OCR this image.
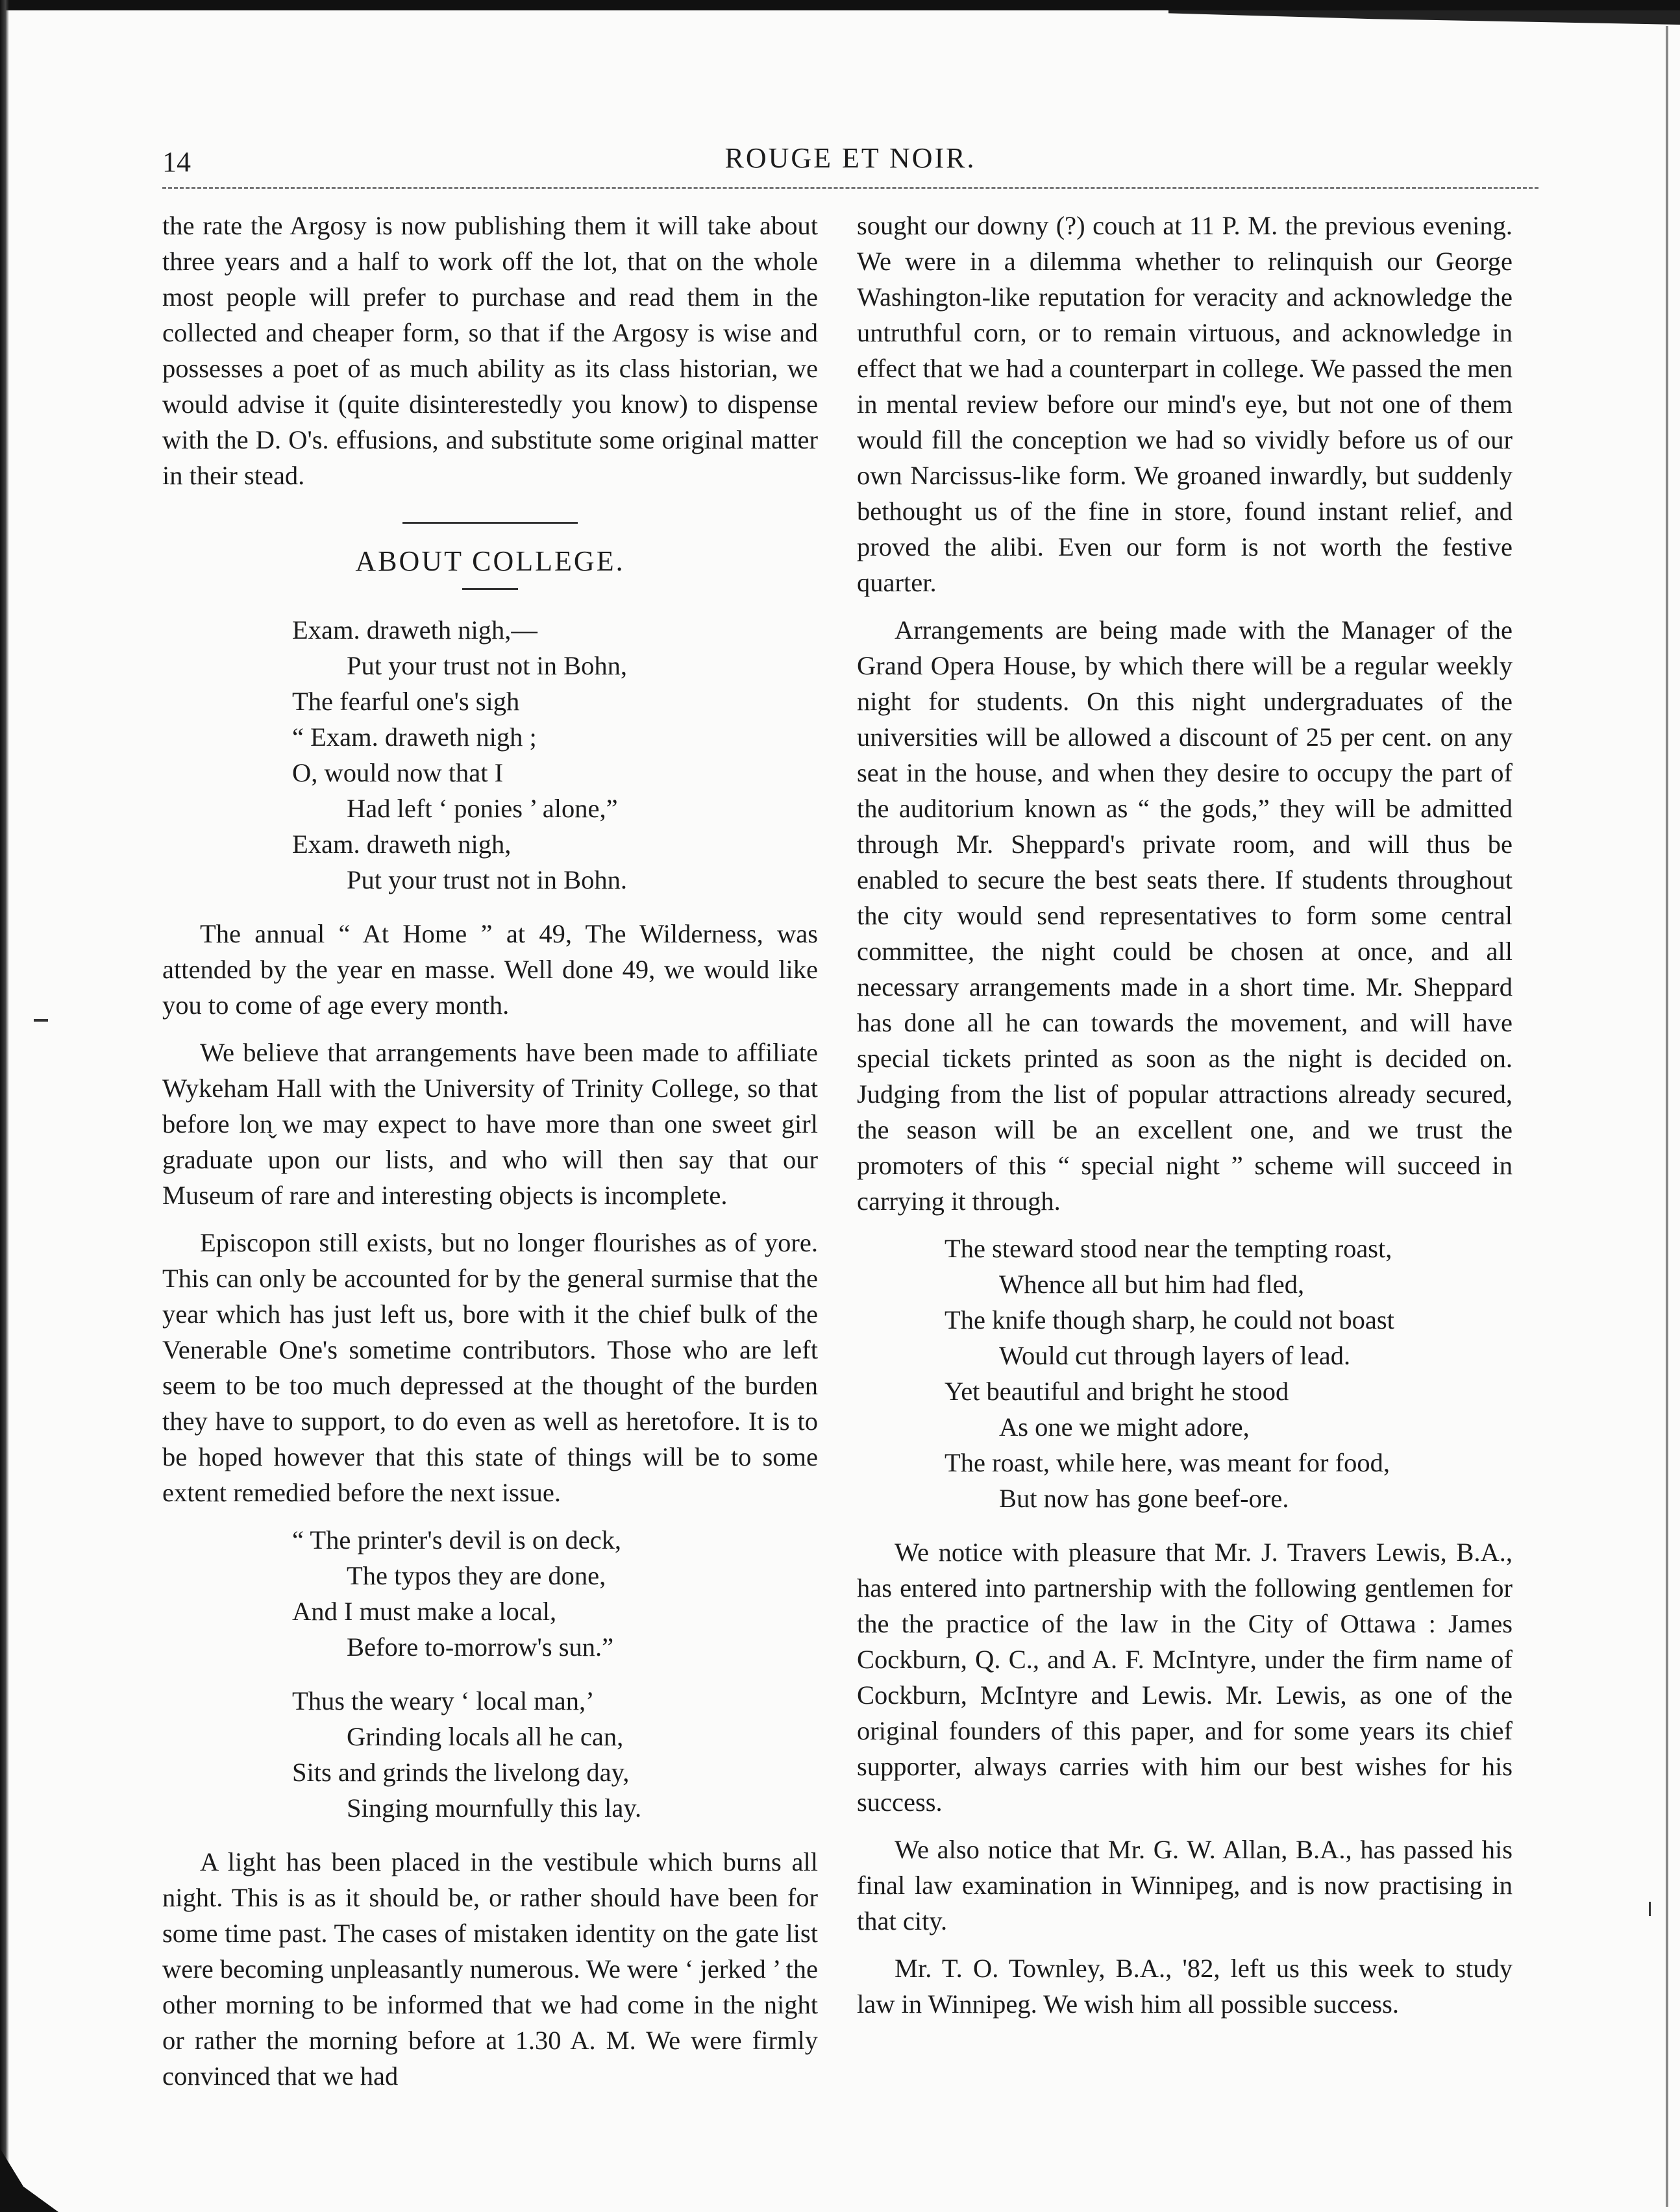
14	ROUGE ET NOIR.

the rate the Argosy is now publishing them it will take about three years and a half to work off the lot, that on the whole most people will prefer to purchase and read them in the collected and cheaper form, so that if the Argosy is wise and possesses a poet of as much ability as its class historian, we would advise it (quite disinterestedly you know) to dispense with the D. O's. effusions, and substitute some original matter in their stead.

ABOUT COLLEGE.
Exam. draweth nigh,—
Put your trust not in Bohn,
The fearful one's sigh
“ Exam. draweth nigh ;
O, would now that I
Had left ‘ ponies ’ alone,”
Exam. draweth nigh,
Put your trust not in Bohn.

The annual “ At Home ” at 49, The Wilderness, was attended by the year en masse. Well done 49, we would like you to come of age every month.

We believe that arrangements have been made to affiliate Wykeham Hall with the University of Trinity College, so that before lon̬ we may expect to have more than one sweet girl graduate upon our lists, and who will then say that our Museum of rare and interesting objects is incomplete.

Episcopon still exists, but no longer flourishes as of yore. This can only be accounted for by the general surmise that the year which has just left us, bore with it the chief bulk of the Venerable One's sometime contributors. Those who are left seem to be too much depressed at the thought of the burden they have to support, to do even as well as heretofore. It is to be hoped however that this state of things will be to some extent remedied before the next issue.

“ The printer's devil is on deck,
The typos they are done,
And I must make a local,
Before to-morrow's sun.”
Thus the weary ‘ local man,’
Grinding locals all he can,
Sits and grinds the livelong day,
Singing mournfully this lay.

A light has been placed in the vestibule which burns all night. This is as it should be, or rather should have been for some time past. The cases of mistaken identity on the gate list were becoming unpleasantly numerous. We were ‘ jerked ’ the other morning to be informed that we had come in the night or rather the morning before at 1.30 A. M. We were firmly convinced that we had

sought our downy (?) couch at 11 P. M. the previous evening. We were in a dilemma whether to relinquish our George Washington-like reputation for veracity and acknowledge the untruthful corn, or to remain virtuous, and acknowledge in effect that we had a counterpart in college. We passed the men in mental review before our mind's eye, but not one of them would fill the conception we had so vividly before us of our own Narcissus-like form. We groaned inwardly, but suddenly bethought us of the fine in store, found instant relief, and proved the alibi. Even our form is not worth the festive quarter.

Arrangements are being made with the Manager of the Grand Opera House, by which there will be a regular weekly night for students. On this night undergraduates of the universities will be allowed a discount of 25 per cent. on any seat in the house, and when they desire to occupy the part of the auditorium known as “ the gods,” they will be admitted through Mr. Sheppard's private room, and will thus be enabled to secure the best seats there. If students throughout the city would send representatives to form some central committee, the night could be chosen at once, and all necessary arrangements made in a short time. Mr. Sheppard has done all he can towards the movement, and will have special tickets printed as soon as the night is decided on. Judging from the list of popular attractions already secured, the season will be an excellent one, and we trust the promoters of this “ special night ” scheme will succeed in carrying it through.

The steward stood near the tempting roast,
Whence all but him had fled,
The knife though sharp, he could not boast
Would cut through layers of lead.
Yet beautiful and bright he stood
As one we might adore,
The roast, while here, was meant for food,
But now has gone beef-ore.

We notice with pleasure that Mr. J. Travers Lewis, B.A., has entered into partnership with the following gentlemen for the the practice of the law in the City of Ottawa : James Cockburn, Q. C., and A. F. McIntyre, under the firm name of Cockburn, McIntyre and Lewis. Mr. Lewis, as one of the original founders of this paper, and for some years its chief supporter, always carries with him our best wishes for his success.

We also notice that Mr. G. W. Allan, B.A., has passed his final law examination in Winnipeg, and is now practising in that city.

Mr. T. O. Townley, B.A., '82, left us this week to study law in Winnipeg. We wish him all possible success.
